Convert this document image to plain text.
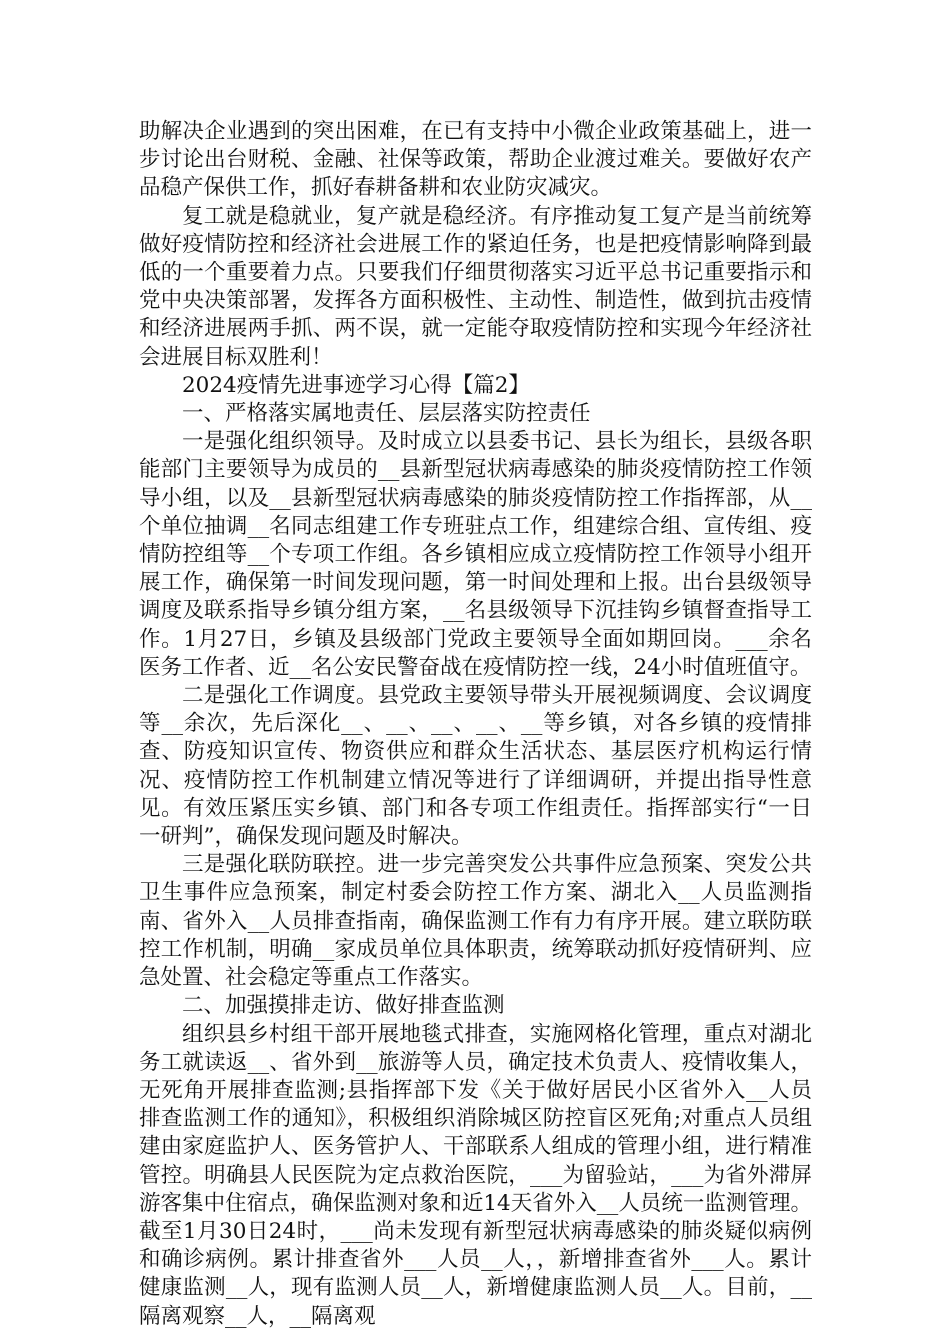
助解决企业遇到的突出困难，在已有支持中小微企业政策基础上，进一步讨论出台财税、金融、社保等政策，帮助企业渡过难关。要做好农产品稳产保供工作，抓好春耕备耕和农业防灾减灾。

复工就是稳就业，复产就是稳经济。有序推动复工复产是当前统筹做好疫情防控和经济社会进展工作的紧迫任务，也是把疫情影响降到最低的一个重要着力点。只要我们仔细贯彻落实习近平总书记重要指示和党中央决策部署，发挥各方面积极性、主动性、制造性，做到抗击疫情和经济进展两手抓、两不误，就一定能夺取疫情防控和实现今年经济社会进展目标双胜利！

2024疫情先进事迹学习心得【篇2】

一、严格落实属地责任、层层落实防控责任

一是强化组织领导。及时成立以县委书记、县长为组长，县级各职能部门主要领导为成员的__县新型冠状病毒感染的肺炎疫情防控工作领导小组，以及__县新型冠状病毒感染的肺炎疫情防控工作指挥部，从__个单位抽调__名同志组建工作专班驻点工作，组建综合组、宣传组、疫情防控组等__个专项工作组。各乡镇相应成立疫情防控工作领导小组开展工作，确保第一时间发现问题，第一时间处理和上报。出台县级领导调度及联系指导乡镇分组方案，__名县级领导下沉挂钩乡镇督查指导工作。1月27日，乡镇及县级部门党政主要领导全面如期回岗。___余名医务工作者、近__名公安民警奋战在疫情防控一线，24小时值班值守。

二是强化工作调度。县党政主要领导带头开展视频调度、会议调度等__余次，先后深化__、__、__、__、__等乡镇，对各乡镇的疫情排查、防疫知识宣传、物资供应和群众生活状态、基层医疗机构运行情况、疫情防控工作机制建立情况等进行了详细调研，并提出指导性意见。有效压紧压实乡镇、部门和各专项工作组责任。指挥部实行“一日一研判”，确保发现问题及时解决。

三是强化联防联控。进一步完善突发公共事件应急预案、突发公共卫生事件应急预案，制定村委会防控工作方案、湖北入__人员监测指南、省外入__人员排查指南，确保监测工作有力有序开展。建立联防联控工作机制，明确__家成员单位具体职责，统筹联动抓好疫情研判、应急处置、社会稳定等重点工作落实。

二、加强摸排走访、做好排查监测

组织县乡村组干部开展地毯式排查，实施网格化管理，重点对湖北务工就读返__、省外到__旅游等人员，确定技术负责人、疫情收集人，无死角开展排查监测;县指挥部下发《关于做好居民小区省外入__人员排查监测工作的通知》，积极组织消除城区防控盲区死角;对重点人员组建由家庭监护人、医务管护人、干部联系人组成的管理小组，进行精准管控。明确县人民医院为定点救治医院，___为留验站，___为省外滞屏游客集中住宿点，确保监测对象和近14天省外入__人员统一监测管理。截至1月30日24时，___尚未发现有新型冠状病毒感染的肺炎疑似病例和确诊病例。累计排查省外___人员__人，，新增排查省外___人。累计健康监测__人，现有监测人员__人，新增健康监测人员__人。目前，__隔离观察__人，__隔离观
